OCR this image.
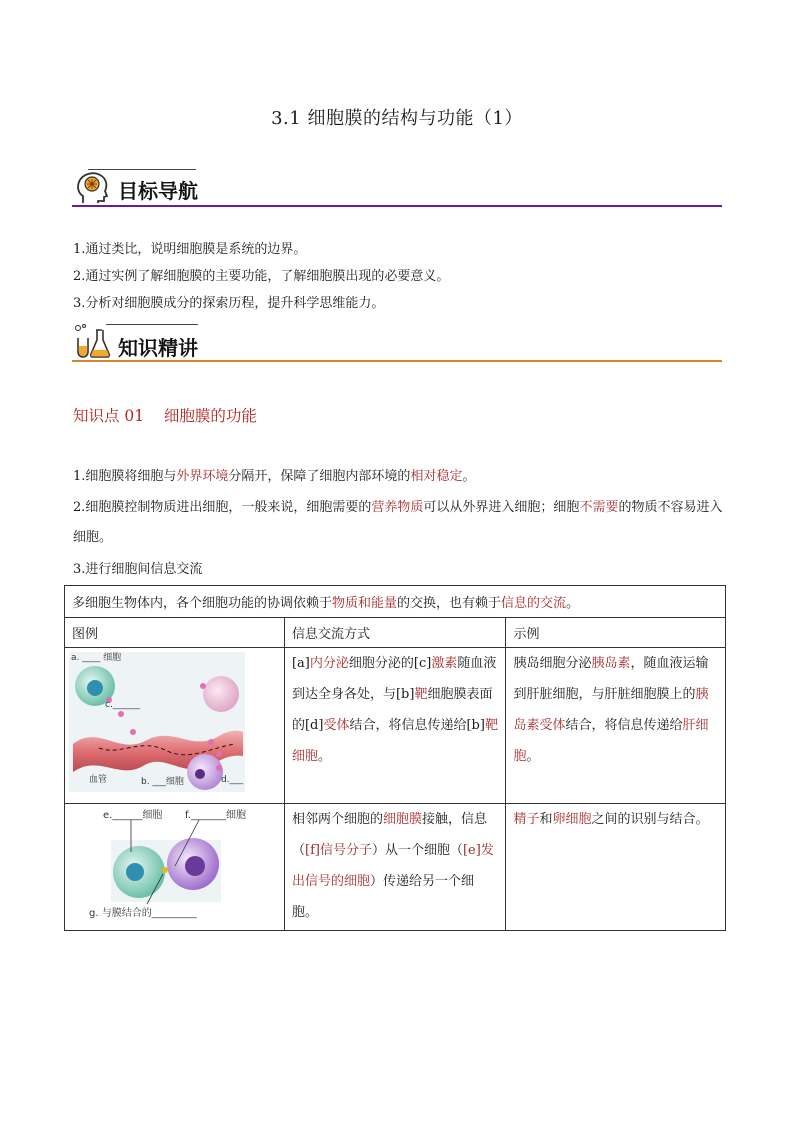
3.1 细胞膜的结构与功能（1）
目标导航
1.通过类比，说明细胞膜是系统的边界。
2.通过实例了解细胞膜的主要功能，了解细胞膜出现的必要意义。
3.分析对细胞膜成分的探索历程，提升科学思维能力。
知识精讲
知识点 01    细胞膜的功能
1.细胞膜将细胞与外界环境分隔开，保障了细胞内部环境的相对稳定。
2.细胞膜控制物质进出细胞，一般来说，细胞需要的营养物质可以从外界进入细胞；细胞不需要的物质不容易进入细胞。
3.进行细胞间信息交流
多细胞生物体内，各个细胞功能的协调依赖于物质和能量的交换，也有赖于信息的交流。		
图例	信息交流方式	示例

a. ____ 细胞
c.______
血管 b. ___细胞 d.___	[a]内分泌细胞分泌的[c]激素随血液到达全身各处，与[b]靶细胞膜表面的[d]受体结合，将信息传递给[b]靶细胞。	胰岛细胞分泌胰岛素，随血液运输到肝脏细胞，与肝脏细胞膜上的胰岛素受体结合，将信息传递给肝细胞。

e.______细胞 f._______细胞
g. 与膜结合的_________	相邻两个细胞的细胞膜接触，信息（[f]信号分子）从一个细胞（[e]发出信号的细胞）传递给另一个细胞。	精子和卵细胞之间的识别与结合。
